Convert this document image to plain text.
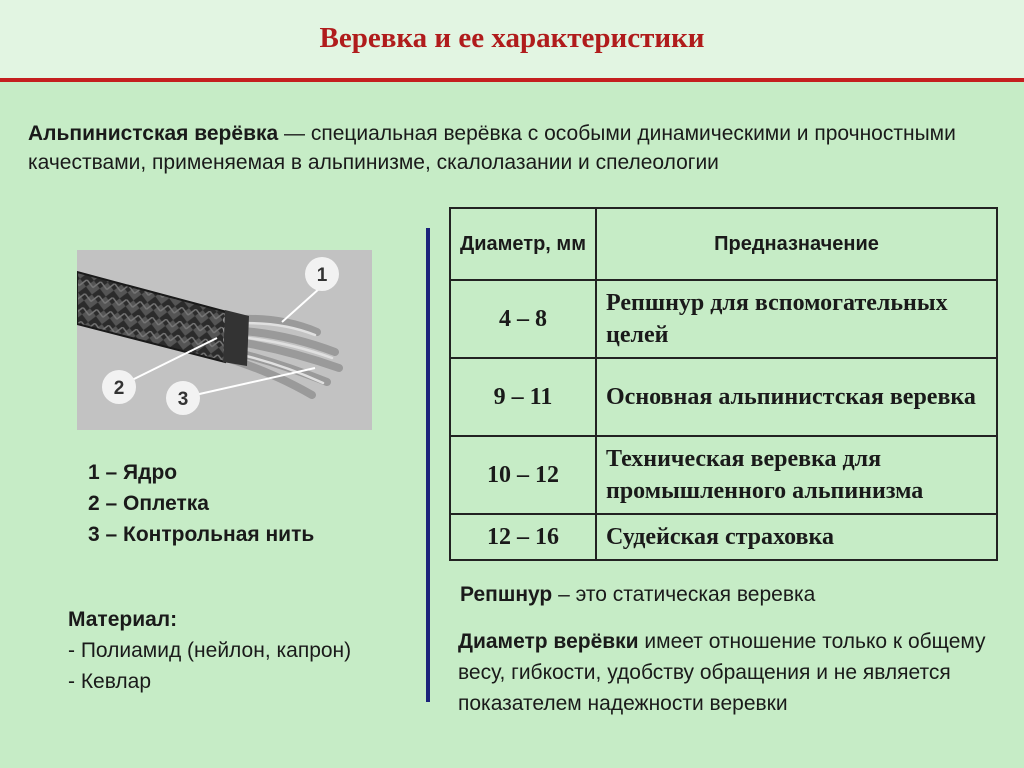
Веревка и ее характеристики
Альпинистская верёвка — специальная верёвка с особыми динамическими и прочностными качествами, применяемая в альпинизме, скалолазании и спелеологии
1
2
3
1 – Ядро
2 – Оплетка
3 – Контрольная нить
Материал:
- Полиамид (нейлон, капрон)
- Кевлар
Диаметр, мм	Предназначение
4 – 8	Репшнур для вспомогательных целей
9 – 11	Основная альпинистская веревка
10 – 12	Техническая веревка для промышленного альпинизма
12 – 16	Судейская страховка
Репшнур – это статическая веревка
Диаметр верёвки имеет отношение только к общему весу, гибкости, удобству обращения и не является показателем надежности веревки
